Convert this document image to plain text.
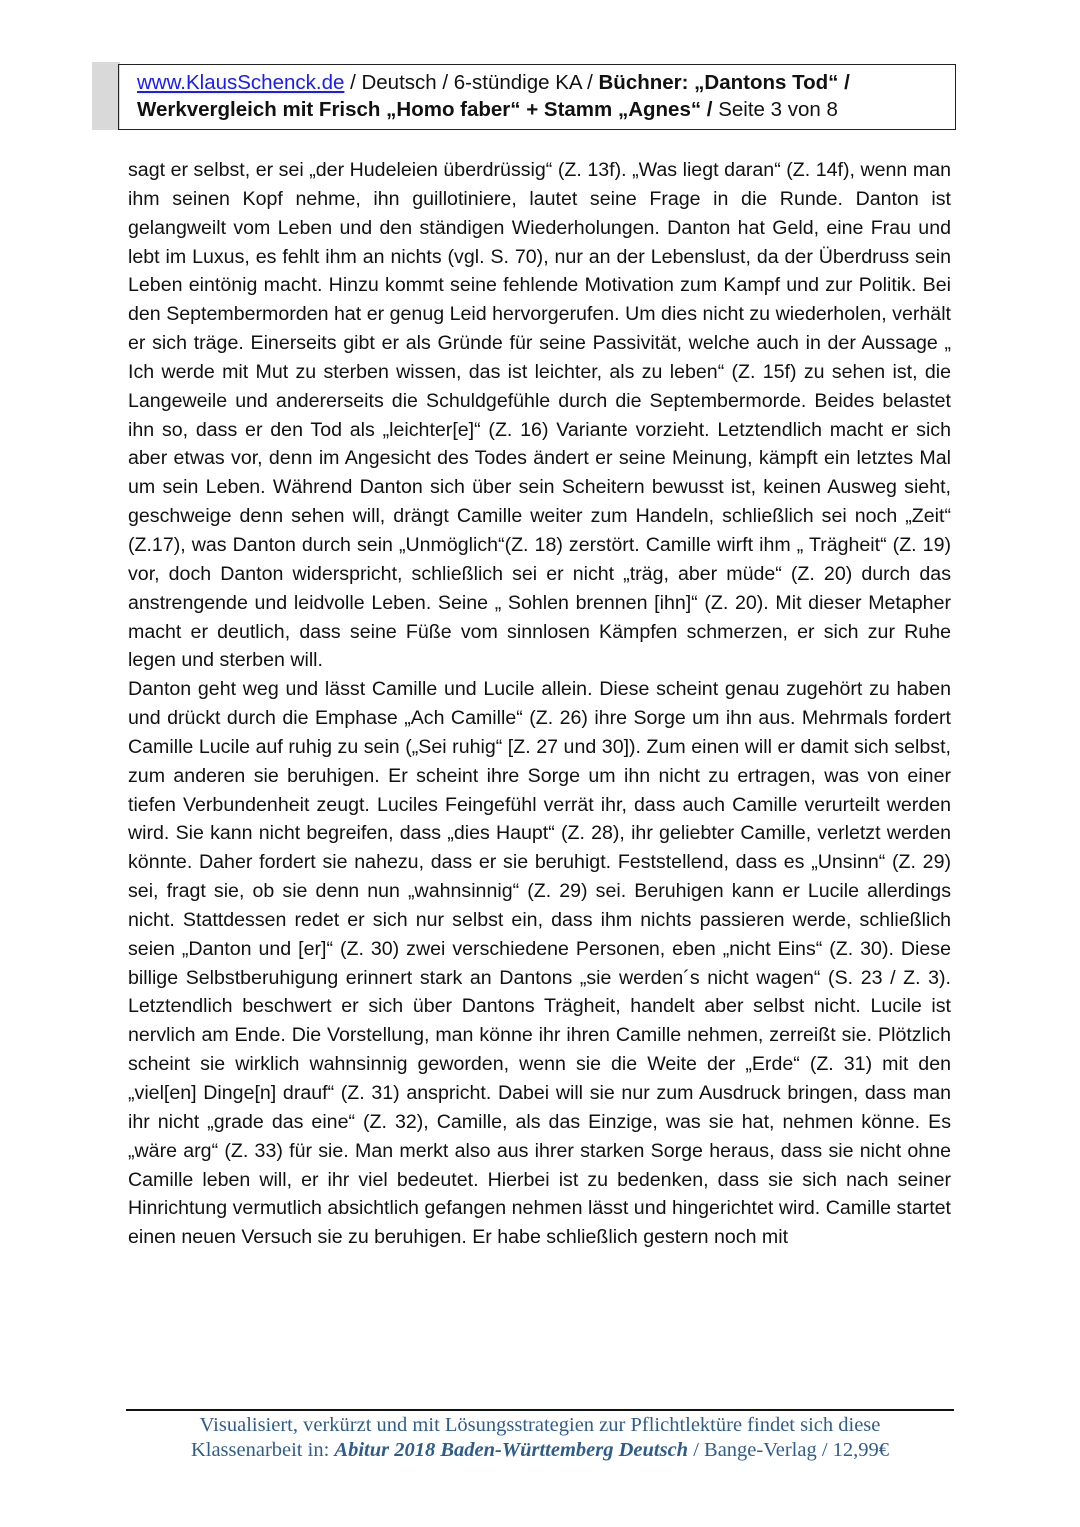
www.KlausSchenck.de / Deutsch / 6-stündige KA / Büchner: „Dantons Tod“ /
Werkvergleich mit Frisch „Homo faber“ + Stamm „Agnes“ / Seite 3 von 8

sagt er selbst, er sei „der Hudeleien überdrüssig“ (Z. 13f). „Was liegt daran“ (Z. 14f), wenn man ihm seinen Kopf nehme, ihn guillotiniere, lautet seine Frage in die Runde. Danton ist gelangweilt vom Leben und den ständigen Wiederholungen. Danton hat Geld, eine Frau und lebt im Luxus, es fehlt ihm an nichts (vgl. S. 70), nur an der Lebenslust, da der Überdruss sein Leben eintönig macht. Hinzu kommt seine fehlende Motivation zum Kampf und zur Politik. Bei den Septembermorden hat er genug Leid hervorgerufen. Um dies nicht zu wiederholen, verhält er sich träge. Einerseits gibt er als Gründe für seine Passivität, welche auch in der Aussage „ Ich werde mit Mut zu sterben wissen, das ist leichter, als zu leben“ (Z. 15f) zu sehen ist, die Langeweile und andererseits die Schuldgefühle durch die Septembermorde. Beides belastet ihn so, dass er den Tod als „leichter[e]“ (Z. 16) Variante vorzieht. Letztendlich macht er sich aber etwas vor, denn im Angesicht des Todes ändert er seine Meinung, kämpft ein letztes Mal um sein Leben. Während Danton sich über sein Scheitern bewusst ist, keinen Ausweg sieht, geschweige denn sehen will, drängt Camille weiter zum Handeln, schließlich sei noch „Zeit“ (Z.17), was Danton durch sein „Unmöglich“(Z. 18) zerstört. Camille wirft ihm „ Trägheit“ (Z. 19) vor, doch Danton widerspricht, schließlich sei er nicht „träg, aber müde“ (Z. 20) durch das anstrengende und leidvolle Leben. Seine „ Sohlen brennen [ihn]“ (Z. 20). Mit dieser Metapher macht er deutlich, dass seine Füße vom sinnlosen Kämpfen schmerzen, er sich zur Ruhe legen und sterben will.

Danton geht weg und lässt Camille und Lucile allein. Diese scheint genau zugehört zu haben und drückt durch die Emphase „Ach Camille“ (Z. 26) ihre Sorge um ihn aus. Mehrmals fordert Camille Lucile auf ruhig zu sein („Sei ruhig“ [Z. 27 und 30]). Zum einen will er damit sich selbst, zum anderen sie beruhigen. Er scheint ihre Sorge um ihn nicht zu ertragen, was von einer tiefen Verbundenheit zeugt. Luciles Feingefühl verrät ihr, dass auch Camille verurteilt werden wird. Sie kann nicht begreifen, dass „dies Haupt“ (Z. 28), ihr geliebter Camille, verletzt werden könnte. Daher fordert sie nahezu, dass er sie beruhigt. Feststellend, dass es „Unsinn“ (Z. 29) sei, fragt sie, ob sie denn nun „wahnsinnig“ (Z. 29) sei. Beruhigen kann er Lucile allerdings nicht. Stattdessen redet er sich nur selbst ein, dass ihm nichts passieren werde, schließlich seien „Danton und [er]“ (Z. 30) zwei verschiedene Personen, eben „nicht Eins“ (Z. 30). Diese billige Selbstberuhigung erinnert stark an Dantons „sie werden´s nicht wagen“ (S. 23 / Z. 3). Letztendlich beschwert er sich über Dantons Trägheit, handelt aber selbst nicht. Lucile ist nervlich am Ende. Die Vorstellung, man könne ihr ihren Camille nehmen, zerreißt sie. Plötzlich scheint sie wirklich wahnsinnig geworden, wenn sie die Weite der „Erde“ (Z. 31) mit den „viel[en] Dinge[n] drauf“ (Z. 31) anspricht. Dabei will sie nur zum Ausdruck bringen, dass man ihr nicht „grade das eine“ (Z. 32), Camille, als das Einzige, was sie hat, nehmen könne. Es „wäre arg“ (Z. 33) für sie. Man merkt also aus ihrer starken Sorge heraus, dass sie nicht ohne Camille leben will, er ihr viel bedeutet. Hierbei ist zu bedenken, dass sie sich nach seiner Hinrichtung vermutlich absichtlich gefangen nehmen lässt und hingerichtet wird. Camille startet einen neuen Versuch sie zu beruhigen. Er habe schließlich gestern noch mit

Visualisiert, verkürzt und mit Lösungsstrategien zur Pflichtlektüre findet sich diese
Klassenarbeit in: Abitur 2018 Baden-Württemberg Deutsch / Bange-Verlag / 12,99€
